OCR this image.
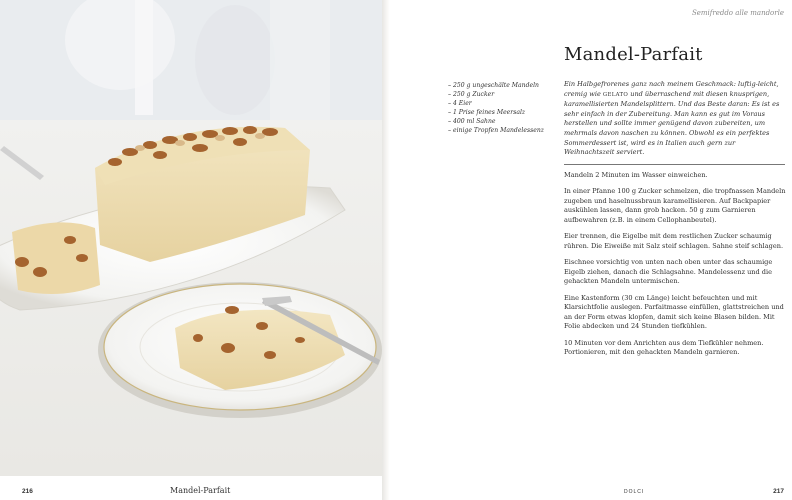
216	Mandel-Parfait
Semifreddo alle mandorle
Mandel-Parfait
– 250 g ungeschälte Mandeln
– 250 g Zucker
– 4 Eier
– 1 Prise feines Meersalz
– 400 ml Sahne
– einige Tropfen Mandelessenz

Ein Halbgefrorenes ganz nach meinem Geschmack: luftig-leicht, cremig wie GELATO und überraschend mit diesen knusprigen, karamellisierten Mandelsplittern. Und das Beste daran: Es ist es sehr einfach in der Zubereitung. Man kann es gut im Voraus herstellen und sollte immer genügend davon zubereiten, um mehrmals davon naschen zu können. Obwohl es ein perfektes Sommerdessert ist, wird es in Italien auch gern zur Weihnachtszeit serviert.

Mandeln 2 Minuten im Wasser einweichen.

In einer Pfanne 100 g Zucker schmelzen, die tropfnassen Mandeln zugeben und haselnussbraun karamellisieren. Auf Backpapier auskühlen lassen, dann grob hacken. 50 g zum Garnieren aufbewahren (z.B. in einem Cellophanbeutel).

Eier trennen, die Eigelbe mit dem restlichen Zucker schaumig rühren. Die Eiweiße mit Salz steif schlagen. Sahne steif schlagen.

Eischnee vorsichtig von unten nach oben unter das schaumige Eigelb ziehen, danach die Schlagsahne. Mandelessenz und die gehackten Mandeln untermischen.

Eine Kastenform (30 cm Länge) leicht befeuchten und mit Klarsichtfolie auslegen. Parfaitmasse einfüllen, glattstreichen und an der Form etwas klopfen, damit sich keine Blasen bilden. Mit Folie abdecken und 24 Stunden tiefkühlen.

10 Minuten vor dem Anrichten aus dem Tiefkühler nehmen. Portionieren, mit den gehackten Mandeln garnieren.

DOLCI	217
